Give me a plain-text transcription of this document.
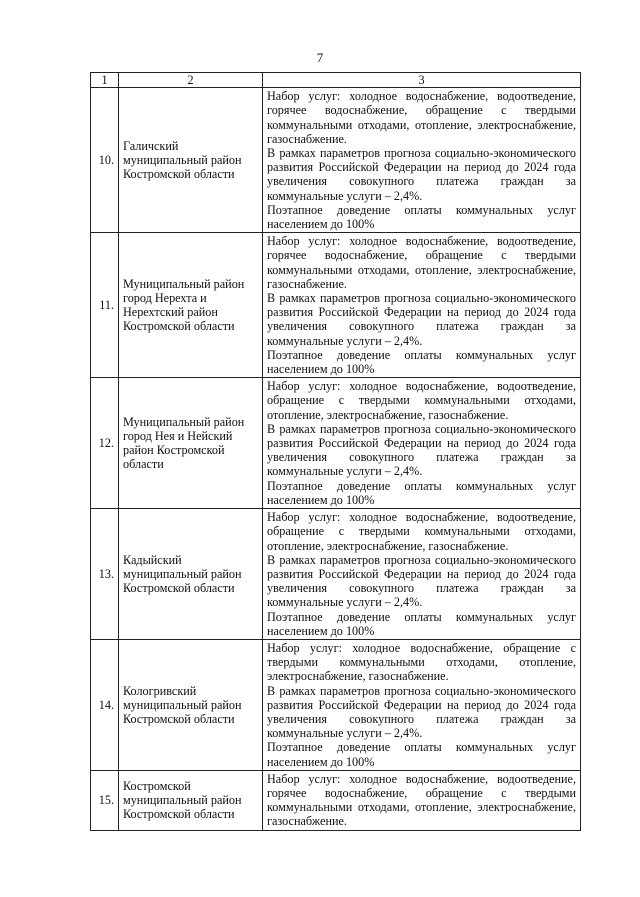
7
1	2	3
10.	Галичский муниципальный район Костромской области	Набор услуг: холодное водоснабжение, водоотведение, горячее водоснабжение, обращение с твердыми коммунальными отходами, отопление, электроснабжение, газоснабжение.

В рамках параметров прогноза социально-экономического развития Российской Федерации на период до 2024 года увеличения совокупного платежа граждан за коммунальные услуги – 2,4%.

Поэтапное доведение оплаты коммунальных услуг населением до 100%

11.	Муниципальный район город Нерехта и Нерехтский район Костромской области	Набор услуг: холодное водоснабжение, водоотведение, горячее водоснабжение, обращение с твердыми коммунальными отходами, отопление, электроснабжение, газоснабжение.

В рамках параметров прогноза социально-экономического развития Российской Федерации на период до 2024 года увеличения совокупного платежа граждан за коммунальные услуги – 2,4%.

Поэтапное доведение оплаты коммунальных услуг населением до 100%

12.	Муниципальный район город Нея и Нейский район Костромской области	Набор услуг: холодное водоснабжение, водоотведение, обращение с твердыми коммунальными отходами, отопление, электроснабжение, газоснабжение.

В рамках параметров прогноза социально-экономического развития Российской Федерации на период до 2024 года увеличения совокупного платежа граждан за коммунальные услуги – 2,4%.

Поэтапное доведение оплаты коммунальных услуг населением до 100%

13.	Кадыйский муниципальный район Костромской области	Набор услуг: холодное водоснабжение, водоотведение, обращение с твердыми коммунальными отходами, отопление, электроснабжение, газоснабжение.

В рамках параметров прогноза социально-экономического развития Российской Федерации на период до 2024 года увеличения совокупного платежа граждан за коммунальные услуги – 2,4%.

Поэтапное доведение оплаты коммунальных услуг населением до 100%

14.	Кологривский муниципальный район Костромской области	Набор услуг: холодное водоснабжение, обращение с твердыми коммунальными отходами, отопление, электроснабжение, газоснабжение.

В рамках параметров прогноза социально-экономического развития Российской Федерации на период до 2024 года увеличения совокупного платежа граждан за коммунальные услуги – 2,4%.

Поэтапное доведение оплаты коммунальных услуг населением до 100%

15.	Костромской муниципальный район Костромской области	Набор услуг: холодное водоснабжение, водоотведение, горячее водоснабжение, обращение с твердыми коммунальными отходами, отопление, электроснабжение, газоснабжение.
